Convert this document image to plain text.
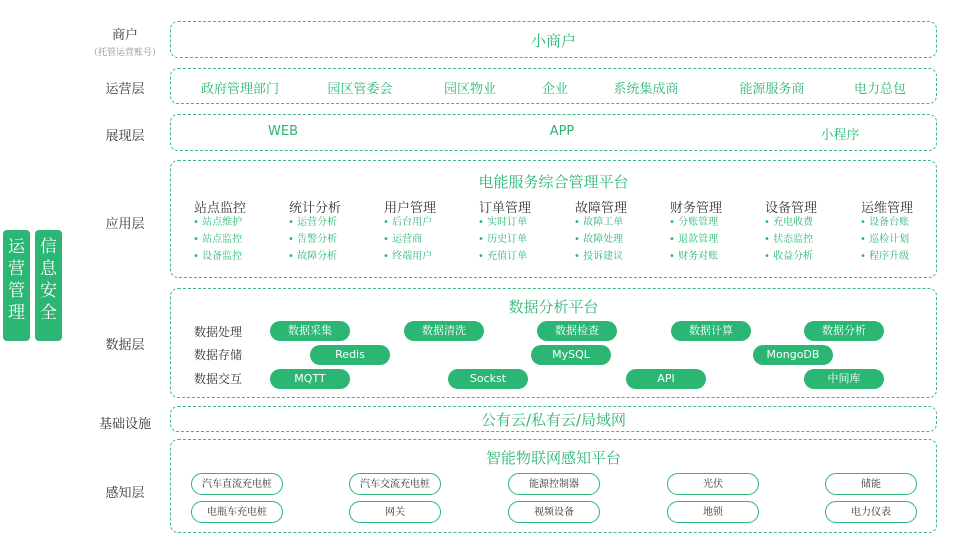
运
营
管
理
信
息
安
全
商户
（托管运营账号）
小商户
运营层	政府管理部门	园区管委会	园区物业	企业	系统集成商	能源服务商	电力总包
展现层	WEB	APP	小程序
应用层
电能服务综合管理平台
站点监控
• 站点维护
• 站点监控
• 设备监控
统计分析
• 运营分析
• 告警分析
• 故障分析
用户管理
• 后台用户
• 运营商
• 终端用户
订单管理
• 实时订单
• 历史订单
• 充值订单
故障管理
• 故障工单
• 故障处理
• 投诉建议
财务管理
• 分账管理
• 退款管理
• 财务对账
设备管理
• 充电收费
• 状态监控
• 收益分析
运维管理
• 设备台账
• 巡检计划
• 程序升级
数据层
数据分析平台
数据处理	数据采集	数据清洗	数据检查	数据计算	数据分析
数据存储	Redis	MySQL	MongoDB
数据交互	MQTT	Sockst	API	中间库
基础设施	公有云/私有云/局域网
感知层
智能物联网感知平台
汽车直流充电桩	汽车交流充电桩	能源控制器	光伏	储能
电瓶车充电桩	网关	视频设备	地锁	电力仪表
